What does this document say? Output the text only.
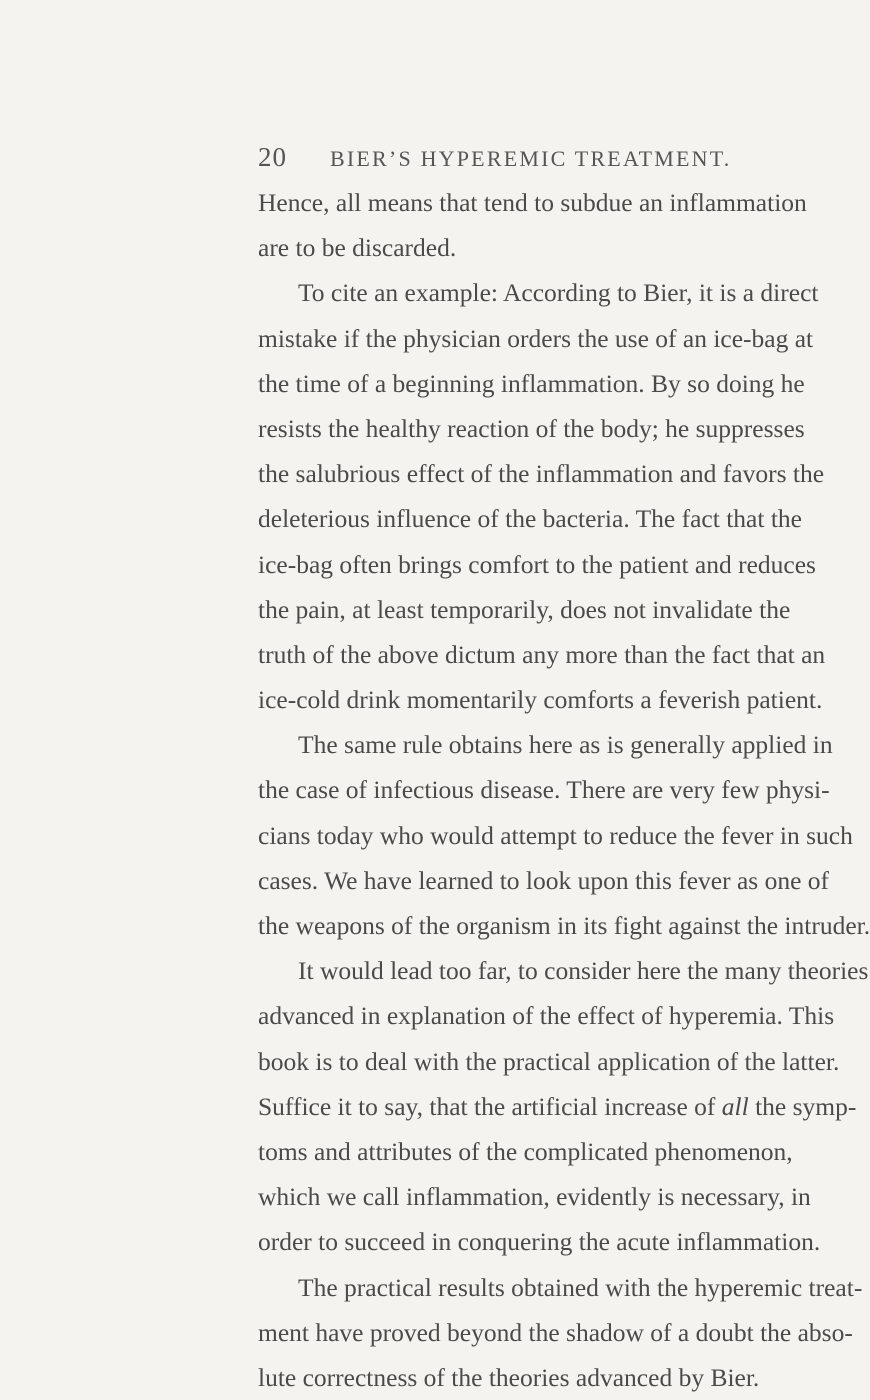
20 BIER’S HYPEREMIC TREATMENT.
Hence, all means that tend to subdue an inflammation
are to be discarded.
To cite an example: According to Bier, it is a direct
mistake if the physician orders the use of an ice-bag at
the time of a beginning inflammation. By so doing he
resists the healthy reaction of the body; he suppresses
the salubrious effect of the inflammation and favors the
deleterious influence of the bacteria. The fact that the
ice-bag often brings comfort to the patient and reduces
the pain, at least temporarily, does not invalidate the
truth of the above dictum any more than the fact that an
ice-cold drink momentarily comforts a feverish patient.
The same rule obtains here as is generally applied in
the case of infectious disease. There are very few physi-
cians today who would attempt to reduce the fever in such
cases. We have learned to look upon this fever as one of
the weapons of the organism in its fight against the intruder.
It would lead too far, to consider here the many theories
advanced in explanation of the effect of hyperemia. This
book is to deal with the practical application of the latter.
Suffice it to say, that the artificial increase of all the symp-
toms and attributes of the complicated phenomenon,
which we call inflammation, evidently is necessary, in
order to succeed in conquering the acute inflammation.
The practical results obtained with the hyperemic treat-
ment have proved beyond the shadow of a doubt the abso-
lute correctness of the theories advanced by Bier.
